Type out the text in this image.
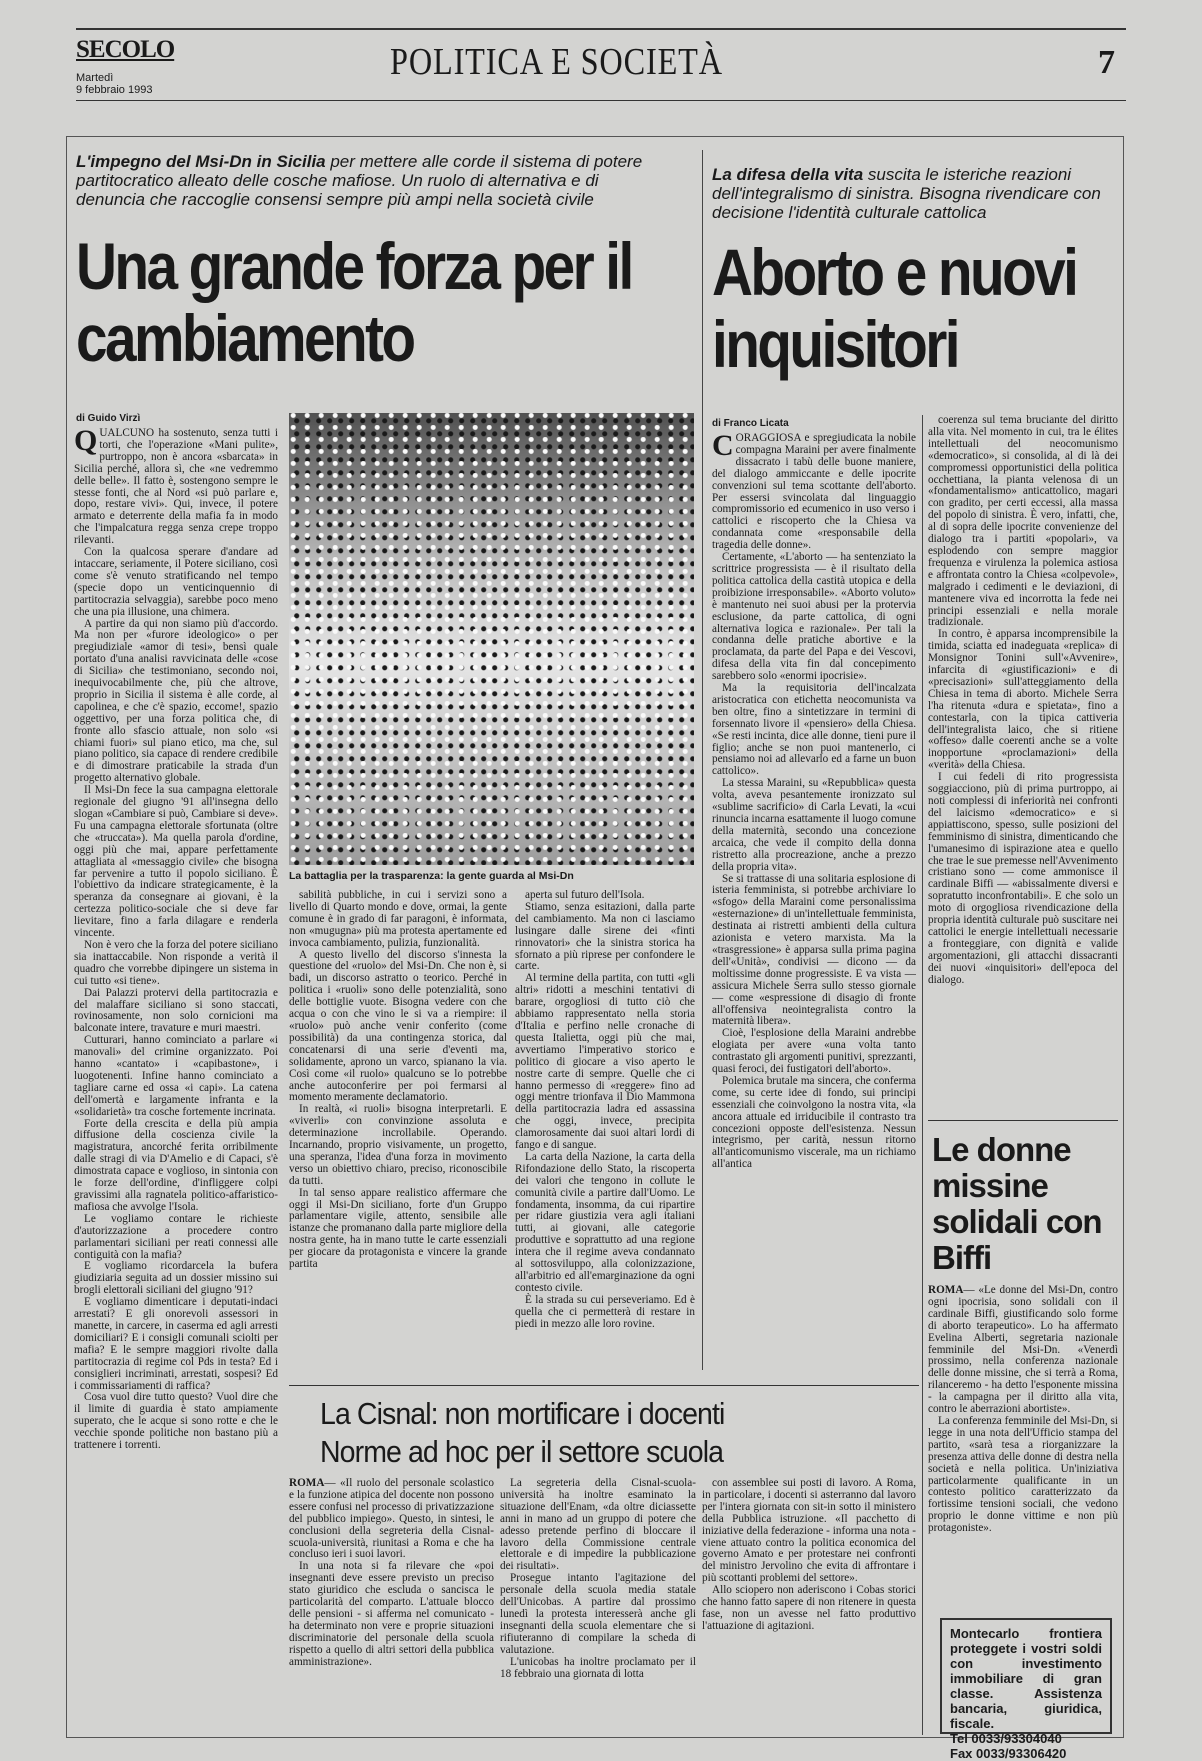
SECOLO
Martedì
9 febbraio 1993
POLITICA E SOCIETÀ	7
L'impegno del Msi-Dn in Sicilia per mettere alle corde il sistema di potere partitocratico alleato delle cosche mafiose. Un ruolo di alternativa e di denuncia che raccoglie consensi sempre più ampi nella società civile
Una grande forza per il cambiamento
di Guido Virzì
Q UALCUNO ha sostenuto, senza tutti i torti, che l'operazione «Mani pulite», purtroppo, non è ancora «sbarcata» in Sicilia perché, allora sì, che «ne vedremmo delle belle». Il fatto è, sostengono sempre le stesse fonti, che al Nord «si può parlare e, dopo, restare vivi». Qui, invece, il potere armato e deterrente della mafia fa in modo che l'impalcatura regga senza crepe troppo rilevanti.

Con la qualcosa sperare d'andare ad intaccare, seriamente, il Potere siciliano, così come s'è venuto stratificando nel tempo (specie dopo un venticinquennio di partitocrazia selvaggia), sarebbe poco meno che una pia illusione, una chimera.

A partire da qui non siamo più d'accordo. Ma non per «furore ideologico» o per pregiudiziale «amor di tesi», bensì quale portato d'una analisi ravvicinata delle «cose di Sicilia» che testimoniano, secondo noi, inequivocabilmente che, più che altrove, proprio in Sicilia il sistema è alle corde, al capolinea, e che c'è spazio, eccome!, spazio oggettivo, per una forza politica che, di fronte allo sfascio attuale, non solo «si chiami fuori» sul piano etico, ma che, sul piano politico, sia capace di rendere credibile e di dimostrare praticabile la strada d'un progetto alternativo globale.

Il Msi-Dn fece la sua campagna elettorale regionale del giugno '91 all'insegna dello slogan «Cambiare si può, Cambiare si deve». Fu una campagna elettorale sfortunata (oltre che «truccata»). Ma quella parola d'ordine, oggi più che mai, appare perfettamente attagliata al «messaggio civile» che bisogna far pervenire a tutto il popolo siciliano. È l'obiettivo da indicare strategicamente, è la speranza da consegnare ai giovani, è la certezza politico-sociale che si deve far lievitare, fino a farla dilagare e renderla vincente.

Non è vero che la forza del potere siciliano sia inattaccabile. Non risponde a verità il quadro che vorrebbe dipingere un sistema in cui tutto «si tiene».

Dai Palazzi protervi della partitocrazia e del malaffare siciliano si sono staccati, rovinosamente, non solo cornicioni ma balconate intere, travature e muri maestri.

Cutturari, hanno cominciato a parlare «i manovali» del crimine organizzato. Poi hanno «cantato» i «capibastone», i luogotenenti. Infine hanno cominciato a tagliare carne ed ossa «i capi». La catena dell'omertà e largamente infranta e la «solidarietà» tra cosche fortemente incrinata.

Forte della crescita e della più ampia diffusione della coscienza civile la magistratura, ancorché ferita orribilmente dalle stragi di via D'Amelio e di Capaci, s'è dimostrata capace e voglioso, in sintonia con le forze dell'ordine, d'infliggere colpi gravissimi alla ragnatela politico-affaristico-mafiosa che avvolge l'Isola.

Le vogliamo contare le richieste d'autorizzazione a procedere contro parlamentari siciliani per reati connessi alle contiguità con la mafia?

E vogliamo ricordarcela la bufera giudiziaria seguita ad un dossier missino sui brogli elettorali siciliani del giugno '91?

E vogliamo dimenticare i deputati-indaci arrestati? E gli onorevoli assessori in manette, in carcere, in caserma ed agli arresti domiciliari? E i consigli comunali sciolti per mafia? E le sempre maggiori rivolte dalla partitocrazia di regime col Pds in testa? Ed i consiglieri incriminati, arrestati, sospesi? Ed i commissariamenti di raffica?

Cosa vuol dire tutto questo? Vuol dire che il limite di guardia è stato ampiamente superato, che le acque si sono rotte e che le vecchie sponde politiche non bastano più a trattenere i torrenti.

La battaglia per la trasparenza: la gente guarda al Msi-Dn

sabilità pubbliche, in cui i servizi sono a livello di Quarto mondo e dove, ormai, la gente comune è in grado di far paragoni, è informata, non «mugugna» più ma protesta apertamente ed invoca cambiamento, pulizia, funzionalità.

A questo livello del discorso s'innesta la questione del «ruolo» del Msi-Dn. Che non è, si badi, un discorso astratto o teorico. Perché in politica i «ruoli» sono delle potenzialità, sono delle bottiglie vuote. Bisogna vedere con che acqua o con che vino le si va a riempire: il «ruolo» può anche venir conferito (come possibilità) da una contingenza storica, dal concatenarsi di una serie d'eventi ma, solidamente, aprono un varco, spianano la via. Così come «il ruolo» qualcuno se lo potrebbe anche autoconferire per poi fermarsi al momento meramente declamatorio.

In realtà, «i ruoli» bisogna interpretarli. E «viverli» con convinzione assoluta e determinazione incrollabile. Operando. Incarnando, proprio visivamente, un progetto, una speranza, l'idea d'una forza in movimento verso un obiettivo chiaro, preciso, riconoscibile da tutti.

In tal senso appare realistico affermare che oggi il Msi-Dn siciliano, forte d'un Gruppo parlamentare vigile, attento, sensibile alle istanze che promanano dalla parte migliore della nostra gente, ha in mano tutte le carte essenziali per giocare da protagonista e vincere la grande partita

aperta sul futuro dell'Isola.

Stiamo, senza esitazioni, dalla parte del cambiamento. Ma non ci lasciamo lusingare dalle sirene dei «finti rinnovatori» che la sinistra storica ha sfornato a più riprese per confondere le carte.

Al termine della partita, con tutti «gli altri» ridotti a meschini tentativi di barare, orgogliosi di tutto ciò che abbiamo rappresentato nella storia d'Italia e perfino nelle cronache di questa Italietta, oggi più che mai, avvertiamo l'imperativo storico e politico di giocare a viso aperto le nostre carte di sempre. Quelle che ci hanno permesso di «reggere» fino ad oggi mentre trionfava il Dio Mammona della partitocrazia ladra ed assassina che oggi, invece, precipita clamorosamente dai suoi altari lordi di fango e di sangue.

La carta della Nazione, la carta della Rifondazione dello Stato, la riscoperta dei valori che tengono in collute le comunità civile a partire dall'Uomo. Le fondamenta, insomma, da cui ripartire per ridare giustizia vera agli italiani tutti, ai giovani, alle categorie produttive e soprattutto ad una regione intera che il regime aveva condannato al sottosviluppo, alla colonizzazione, all'arbitrio ed all'emarginazione da ogni contesto civile.

È la strada su cui perseveriamo. Ed è quella che ci permetterà di restare in piedi in mezzo alle loro rovine.

La difesa della vita suscita le isteriche reazioni dell'integralismo di sinistra. Bisogna rivendicare con decisione l'identità culturale cattolica
Aborto e nuovi inquisitori
di Franco Licata
C ORAGGIOSA e spregiudicata la nobile compagna Maraini per avere finalmente dissacrato i tabù delle buone maniere, del dialogo ammiccante e delle ipocrite convenzioni sul tema scottante dell'aborto. Per essersi svincolata dal linguaggio compromissorio ed ecumenico in uso verso i cattolici e riscoperto che la Chiesa va condannata come «responsabile della tragedia delle donne».

Certamente, «L'aborto — ha sentenziato la scrittrice progressista — è il risultato della politica cattolica della castità utopica e della proibizione irresponsabile». «Aborto voluto» è mantenuto nei suoi abusi per la protervia esclusione, da parte cattolica, di ogni alternativa logica e razionale». Per tali la condanna delle pratiche abortive e la proclamata, da parte del Papa e dei Vescovi, difesa della vita fin dal concepimento sarebbero solo «enormi ipocrisie».

Ma la requisitoria dell'incalzata aristocratica con etichetta neocomunista va ben oltre, fino a sintetizzare in termini di forsennato livore il «pensiero» della Chiesa. «Se resti incinta, dice alle donne, tieni pure il figlio; anche se non puoi mantenerlo, ci pensiamo noi ad allevarlo ed a farne un buon cattolico».

La stessa Maraini, su «Repubblica» questa volta, aveva pesantemente ironizzato sul «sublime sacrificio» di Carla Levati, la «cui rinuncia incarna esattamente il luogo comune della maternità, secondo una concezione arcaica, che vede il compito della donna ristretto alla procreazione, anche a prezzo della propria vita».

Se si trattasse di una solitaria esplosione di isteria femminista, si potrebbe archiviare lo «sfogo» della Maraini come personalissima «esternazione» di un'intellettuale femminista, destinata ai ristretti ambienti della cultura azionista e vetero marxista. Ma la «trasgressione» è apparsa sulla prima pagina dell'«Unità», condivisi — dicono — da moltissime donne progressiste. E va vista — assicura Michele Serra sullo stesso giornale — come «espressione di disagio di fronte all'offensiva neointegralista contro la maternità libera».

Cioè, l'esplosione della Maraini andrebbe elogiata per avere «una volta tanto contrastato gli argomenti punitivi, sprezzanti, quasi feroci, dei fustigatori dell'aborto».

Polemica brutale ma sincera, che conferma come, su certe idee di fondo, sui principi essenziali che coinvolgono la nostra vita, «la ancora attuale ed irriducibile il contrasto tra concezioni opposte dell'esistenza. Nessun integrismo, per carità, nessun ritorno all'anticomunismo viscerale, ma un richiamo all'antica

coerenza sul tema bruciante del diritto alla vita. Nel momento in cui, tra le élites intellettuali del neocomunismo «democratico», si consolida, al di là dei compromessi opportunistici della politica occhettiana, la pianta velenosa di un «fondamentalismo» anticattolico, magari con gradito, per certi eccessi, alla massa del popolo di sinistra. È vero, infatti, che, al di sopra delle ipocrite convenienze del dialogo tra i partiti «popolari», va esplodendo con sempre maggior frequenza e virulenza la polemica astiosa e affrontata contro la Chiesa «colpevole», malgrado i cedimenti e le deviazioni, di mantenere viva ed incorrotta la fede nei principi essenziali e nella morale tradizionale.

In contro, è apparsa incomprensibile la timida, sciatta ed inadeguata «replica» di Monsignor Tonini sull'«Avvenire», infarcita di «giustificazioni» e di «precisazioni» sull'atteggiamento della Chiesa in tema di aborto. Michele Serra l'ha ritenuta «dura e spietata», fino a contestarla, con la tipica cattiveria dell'integralista laico, che si ritiene «offeso» dalle coerenti anche se a volte inopportune «proclamazioni» della «verità» della Chiesa.

I cui fedeli di rito progressista soggiacciono, più di prima purtroppo, ai noti complessi di inferiorità nei confronti del laicismo «democratico» e si appiattiscono, spesso, sulle posizioni del femminismo di sinistra, dimenticando che l'umanesimo di ispirazione atea e quello che trae le sue premesse nell'Avvenimento cristiano sono — come ammonisce il cardinale Biffi — «abissalmente diversi e sopratutto inconfrontabili». E che solo un moto di orgogliosa rivendicazione della propria identità culturale può suscitare nei cattolici le energie intellettuali necessarie a fronteggiare, con dignità e valide argomentazioni, gli attacchi dissacranti dei nuovi «inquisitori» dell'epoca del dialogo.

Le donne missine solidali con Biffi
ROMA— «Le donne del Msi-Dn, contro ogni ipocrisia, sono solidali con il cardinale Biffi, giustificando solo forme di aborto terapeutico». Lo ha affermato Evelina Alberti, segretaria nazionale femminile del Msi-Dn. «Venerdì prossimo, nella conferenza nazionale delle donne missine, che si terrà a Roma, rilanceremo - ha detto l'esponente missina - la campagna per il diritto alla vita, contro le aberrazioni abortiste».

La conferenza femminile del Msi-Dn, si legge in una nota dell'Ufficio stampa del partito, «sarà tesa a riorganizzare la presenza attiva delle donne di destra nella società e nella politica. Un'iniziativa particolarmente qualificante in un contesto politico caratterizzato da fortissime tensioni sociali, che vedono proprio le donne vittime e non più protagoniste».

La Cisnal: non mortificare i docenti
Norme ad hoc per il settore scuola
ROMA— «Il ruolo del personale scolastico e la funzione atipica del docente non possono essere confusi nel processo di privatizzazione del pubblico impiego». Questo, in sintesi, le conclusioni della segreteria della Cisnal-scuola-università, riunitasi a Roma e che ha concluso ieri i suoi lavori.

In una nota si fa rilevare che «poi insegnanti deve essere previsto un preciso stato giuridico che escluda o sancisca le particolarità del comparto. L'attuale blocco delle pensioni - si afferma nel comunicato - ha determinato non vere e proprie situazioni discriminatorie del personale della scuola rispetto a quello di altri settori della pubblica amministrazione».

La segreteria della Cisnal-scuola-università ha inoltre esaminato la situazione dell'Enam, «da oltre diciassette anni in mano ad un gruppo di potere che adesso pretende perfino di bloccare il lavoro della Commissione centrale elettorale e di impedire la pubblicazione dei risultati».

Prosegue intanto l'agitazione del personale della scuola media statale dell'Unicobas. A partire dal prossimo lunedì la protesta interesserà anche gli insegnanti della scuola elementare che si rifiuteranno di compilare la scheda di valutazione.

L'unicobas ha inoltre proclamato per il 18 febbraio una giornata di lotta

con assemblee sui posti di lavoro. A Roma, in particolare, i docenti si asterranno dal lavoro per l'intera giornata con sit-in sotto il ministero della Pubblica istruzione. «Il pacchetto di iniziative della federazione - informa una nota - viene attuato contro la politica economica del governo Amato e per protestare nei confronti del ministro Jervolino che evita di affrontare i più scottanti problemi del settore».

Allo sciopero non aderiscono i Cobas storici che hanno fatto sapere di non ritenere in questa fase, non un avesse nel fatto produttivo l'attuazione di agitazioni.

Montecarlo frontiera proteggete i vostri soldi con investimento immobiliare di gran classe. Assistenza bancaria, giuridica, fiscale.
Tel 0033/93304040
Fax 0033/93306420
